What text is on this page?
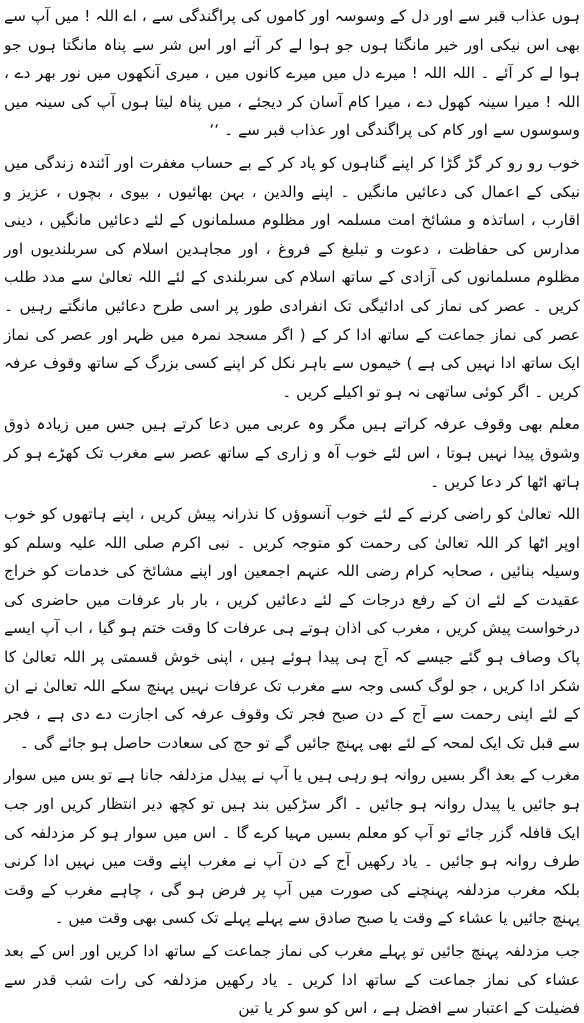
ہوں عذاب قبر سے اور دل کے وسوسہ اور کاموں کی پراگندگی سے ، اے اللہ ! میں آپ سے بھی اس نیکی اور خیر مانگتا ہوں جو ہوا لے کر آئے اور اس شر سے پناہ مانگتا ہوں جو ہوا لے کر آئے ۔ اللہ اللہ ! میرے دل میں میرے کانوں میں ، میری آنکھوں میں نور بھر دے ، اللہ ! میرا سینہ کھول دے ، میرا کام آسان کر دیجئے ، میں پناہ لیتا ہوں آپ کی سینہ میں وسوسوں سے اور کام کی پراگندگی اور عذاب قبر سے ۔ ‘‘

خوب رو رو کر گڑ گڑا کر اپنے گناہوں کو یاد کر کے بے حساب مغفرت اور آئندہ زندگی میں نیکی کے اعمال کی دعائیں مانگیں ۔ اپنے والدین ، بہن بھائیوں ، بیوی ، بچوں ، عزیز و اقارب ، اساتذہ و مشائخ امت مسلمہ اور مظلوم مسلمانوں کے لئے دعائیں مانگیں ، دینی مدارس کی حفاظت ، دعوت و تبلیغ کے فروغ ، اور مجاہدین اسلام کی سربلندیوں اور مظلوم مسلمانوں کی آزادی کے ساتھ اسلام کی سربلندی کے لئے اللہ تعالیٰ سے مدد طلب کریں ۔ عصر کی نماز کی ادائیگی تک انفرادی طور پر اسی طرح دعائیں مانگتے رہیں ۔ عصر کی نماز جماعت کے ساتھ ادا کر کے ( اگر مسجد نمرہ میں ظہر اور عصر کی نماز ایک ساتھ ادا نہیں کی ہے ) خیموں سے باہر نکل کر اپنے کسی بزرگ کے ساتھ وقوف عرفہ کریں ۔ اگر کوئی ساتھی نہ ہو تو اکیلے کریں ۔

معلم بھی وقوف عرفہ کراتے ہیں مگر وہ عربی میں دعا کرتے ہیں جس میں زیادہ ذوق وشوق پیدا نہیں ہوتا ، اس لئے خوب آہ و زاری کے ساتھ عصر سے مغرب تک کھڑے ہو کر ہاتھ اٹھا کر دعا کریں ۔

اللہ تعالیٰ کو راضی کرنے کے لئے خوب آنسوؤں کا نذرانہ پیش کریں ، اپنے ہاتھوں کو خوب اوپر اٹھا کر اللہ تعالیٰ کی رحمت کو متوجہ کریں ۔ نبی اکرم صلی اللہ علیہ وسلم کو وسیلہ بنائیں ، صحابہ کرام رضی اللہ عنہم اجمعین اور اپنے مشائخ کی خدمات کو خراج عقیدت کے لئے ان کے رفع درجات کے لئے دعائیں کریں ، بار بار عرفات میں حاضری کی درخواست پیش کریں ، مغرب کی اذان ہوتے ہی عرفات کا وقت ختم ہو گیا ، اب آپ ایسے پاک وصاف ہو گئے جیسے کہ آج ہی پیدا ہوئے ہیں ، اپنی خوش قسمتی پر اللہ تعالیٰ کا شکر ادا کریں ، جو لوگ کسی وجہ سے مغرب تک عرفات نہیں پہنچ سکے اللہ تعالیٰ نے ان کے لئے اپنی رحمت سے آج کے دن صبح فجر تک وقوف عرفہ کی اجازت دے دی ہے ، فجر سے قبل تک ایک لمحہ کے لئے بھی پہنچ جائیں گے تو حج کی سعادت حاصل ہو جائے گی ۔

مغرب کے بعد اگر بسیں روانہ ہو رہی ہیں یا آپ نے پیدل مزدلفہ جانا ہے تو بس میں سوار ہو جائیں یا پیدل روانہ ہو جائیں ۔ اگر سڑکیں بند ہیں تو کچھ دیر انتظار کریں اور جب ایک قافلہ گزر جائے تو آپ کو معلم بسیں مہیا کرے گا ۔ اس میں سوار ہو کر مزدلفہ کی طرف روانہ ہو جائیں ۔ یاد رکھیں آج کے دن آپ نے مغرب اپنے وقت میں نہیں ادا کرنی بلکہ مغرب مزدلفہ پہنچنے کی صورت میں آپ پر فرض ہو گی ، چاہے مغرب کے وقت پہنچ جائیں یا عشاء کے وقت یا صبح صادق سے پہلے پہلے تک کسی بھی وقت میں ۔

جب مزدلفہ پہنچ جائیں تو پہلے مغرب کی نماز جماعت کے ساتھ ادا کریں اور اس کے بعد عشاء کی نماز جماعت کے ساتھ ادا کریں ۔ یاد رکھیں مزدلفہ کی رات شب قدر سے فضیلت کے اعتبار سے افضل ہے ، اس کو سو کر یا تین
